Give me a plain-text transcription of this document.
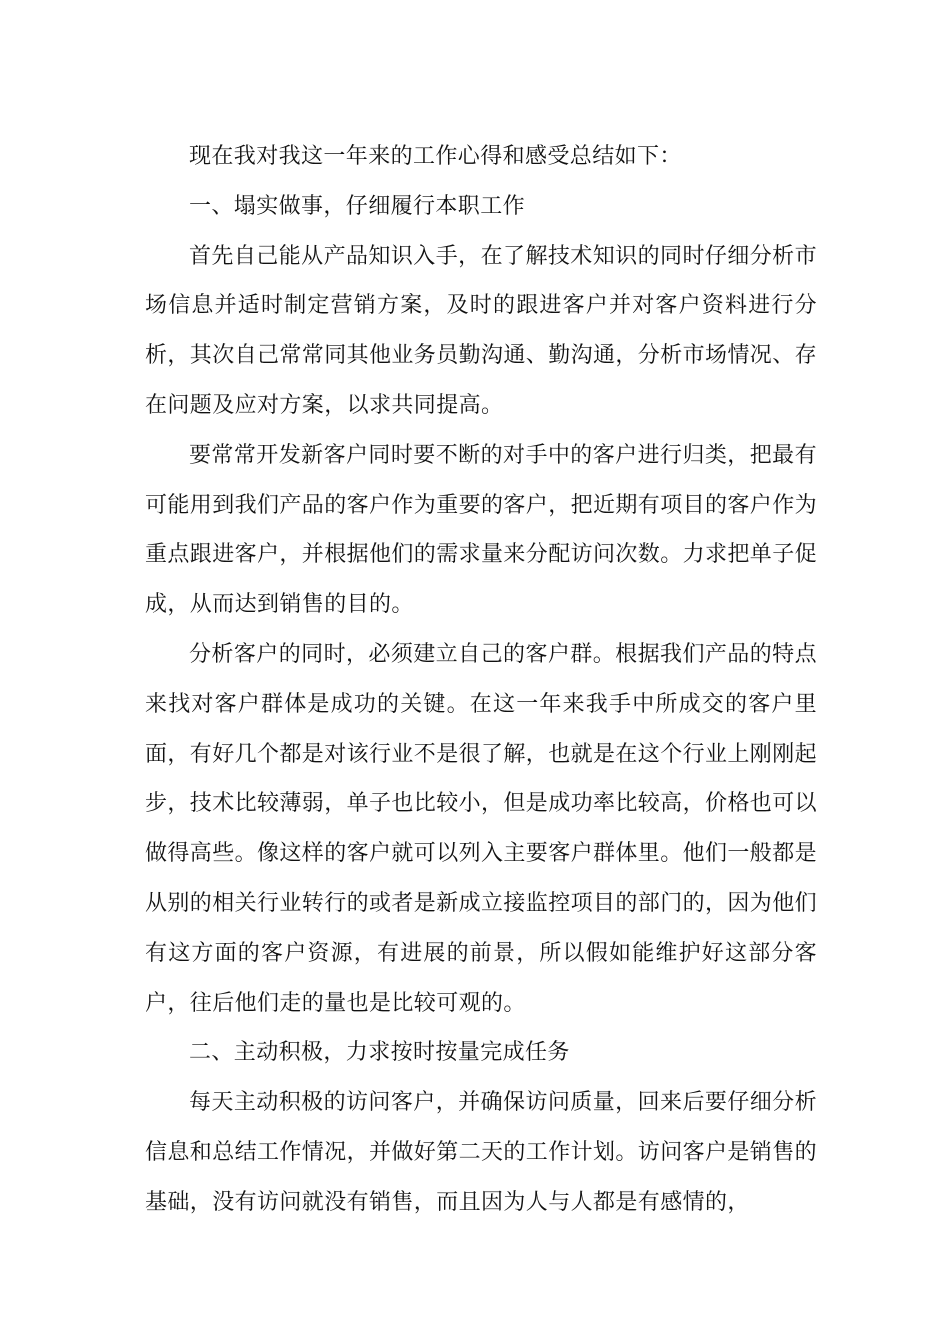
现在我对我这一年来的工作心得和感受总结如下：

一、塌实做事，仔细履行本职工作

首先自己能从产品知识入手，在了解技术知识的同时仔细分析市场信息并适时制定营销方案，及时的跟进客户并对客户资料进行分析，其次自己常常同其他业务员勤沟通、勤沟通，分析市场情况、存在问题及应对方案，以求共同提高。

要常常开发新客户同时要不断的对手中的客户进行归类，把最有可能用到我们产品的客户作为重要的客户，把近期有项目的客户作为重点跟进客户，并根据他们的需求量来分配访问次数。力求把单子促成，从而达到销售的目的。

分析客户的同时，必须建立自己的客户群。根据我们产品的特点来找对客户群体是成功的关键。在这一年来我手中所成交的客户里面，有好几个都是对该行业不是很了解，也就是在这个行业上刚刚起步，技术比较薄弱，单子也比较小，但是成功率比较高，价格也可以做得高些。像这样的客户就可以列入主要客户群体里。他们一般都是从别的相关行业转行的或者是新成立接监控项目的部门的，因为他们有这方面的客户资源，有进展的前景，所以假如能维护好这部分客户，往后他们走的量也是比较可观的。

二、主动积极，力求按时按量完成任务

每天主动积极的访问客户，并确保访问质量，回来后要仔细分析信息和总结工作情况，并做好第二天的工作计划。访问客户是销售的基础，没有访问就没有销售，而且因为人与人都是有感情的，
